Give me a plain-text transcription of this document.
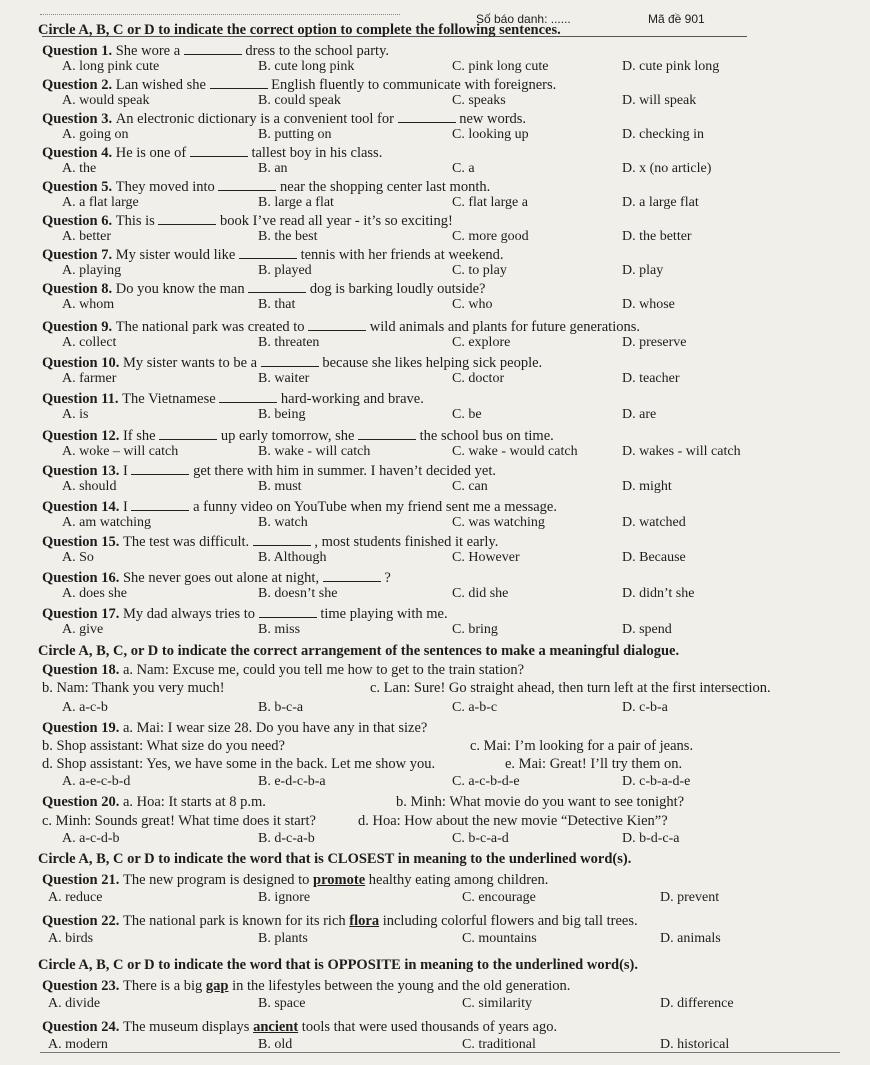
Số báo danh: ......	Mã đề 901
Circle A, B, C or D to indicate the correct option to complete the following sentences.
Question 1. She wore a	dress to the school party.
A. long pink cute	B. cute long pink	C. pink long cute	D. cute pink long
Question 2. Lan wished she	English fluently to communicate with foreigners.
A. would speak	B. could speak	C. speaks	D. will speak
Question 3. An electronic dictionary is a convenient tool for	new words.
A. going on	B. putting on	C. looking up	D. checking in
Question 4. He is one of	tallest boy in his class.
A. the	B. an	C. a	D. x (no article)
Question 5. They moved into	near the shopping center last month.
A. a flat large	B. large a flat	C. flat large a	D. a large flat
Question 6. This is	book I’ve read all year - it’s so exciting!
A. better	B. the best	C. more good	D. the better
Question 7. My sister would like	tennis with her friends at weekend.
A. playing	B. played	C. to play	D. play
Question 8. Do you know the man	dog is barking loudly outside?
A. whom	B. that	C. who	D. whose
Question 9. The national park was created to	wild animals and plants for future generations.
A. collect	B. threaten	C. explore	D. preserve
Question 10. My sister wants to be a	because she likes helping sick people.
A. farmer	B. waiter	C. doctor	D. teacher
Question 11. The Vietnamese	hard-working and brave.
A. is	B. being	C. be	D. are
Question 12. If she	up early tomorrow, she	the school bus on time.
A. woke – will catch	B. wake - will catch	C. wake - would catch	D. wakes - will catch
Question 13. I	get there with him in summer. I haven’t decided yet.
A. should	B. must	C. can	D. might
Question 14. I	a funny video on YouTube when my friend sent me a message.
A. am watching	B. watch	C. was watching	D. watched
Question 15. The test was difficult.	, most students finished it early.
A. So	B. Although	C. However	D. Because
Question 16. She never goes out alone at night,	?
A. does she	B. doesn’t she	C. did she	D. didn’t she
Question 17. My dad always tries to	time playing with me.
A. give	B. miss	C. bring	D. spend
Circle A, B, C, or D to indicate the correct arrangement of the sentences to make a meaningful dialogue.
Question 18. a. Nam: Excuse me, could you tell me how to get to the train station?
b. Nam: Thank you very much!	c. Lan: Sure! Go straight ahead, then turn left at the first intersection.
A. a-c-b	B. b-c-a	C. a-b-c	D. c-b-a
Question 19. a. Mai: I wear size 28. Do you have any in that size?
b. Shop assistant: What size do you need?	c. Mai: I’m looking for a pair of jeans.
d. Shop assistant: Yes, we have some in the back. Let me show you.	e. Mai: Great! I’ll try them on.
A. a-e-c-b-d	B. e-d-c-b-a	C. a-c-b-d-e	D. c-b-a-d-e
Question 20. a. Hoa: It starts at 8 p.m.	b. Minh: What movie do you want to see tonight?
c. Minh: Sounds great! What time does it start?	d. Hoa: How about the new movie “Detective Kien”?
A. a-c-d-b	B. d-c-a-b	C. b-c-a-d	D. b-d-c-a
Circle A, B, C or D to indicate the word that is CLOSEST in meaning to the underlined word(s).
Question 21. The new program is designed to promote healthy eating among children.
A. reduce	B. ignore	C. encourage	D. prevent
Question 22. The national park is known for its rich flora including colorful flowers and big tall trees.
A. birds	B. plants	C. mountains	D. animals
Circle A, B, C or D to indicate the word that is OPPOSITE in meaning to the underlined word(s).
Question 23. There is a big gap in the lifestyles between the young and the old generation.
A. divide	B. space	C. similarity	D. difference
Question 24. The museum displays ancient tools that were used thousands of years ago.
A. modern	B. old	C. traditional	D. historical
